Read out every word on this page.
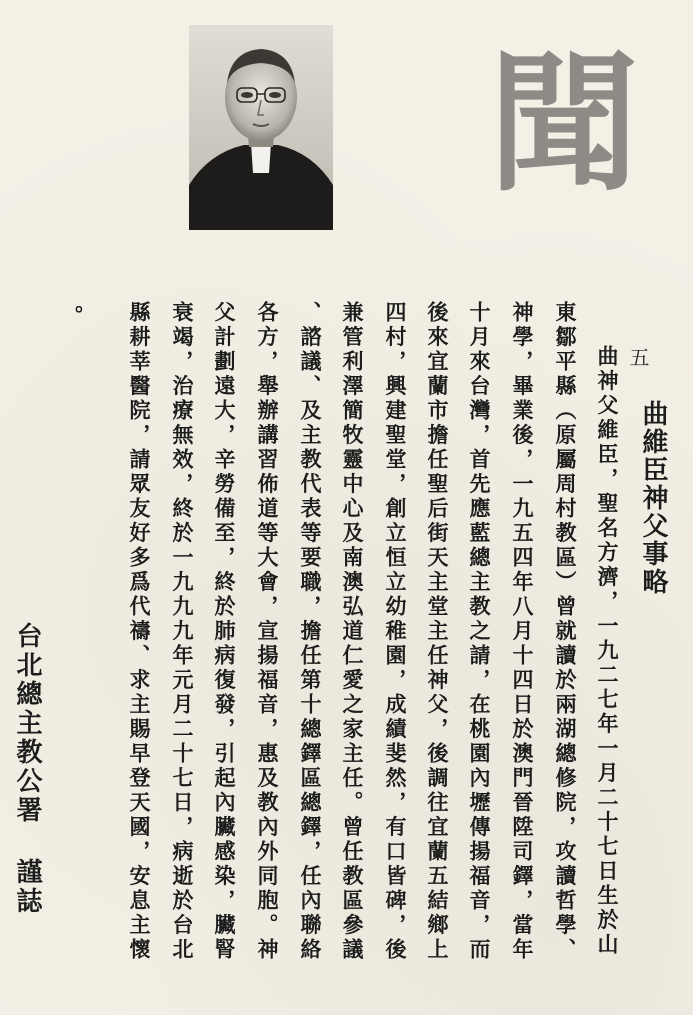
聞
五
曲維臣神父事略
曲神父維臣，聖名方濟，一九二七年一月二十七日生於山
東鄒平縣（原屬周村教區）曾就讀於兩湖總修院，攻讀哲學、
神學，畢業後，一九五四年八月十四日於澳門晉陞司鐸，當年
十月來台灣，首先應藍總主教之請，在桃園內壢傳揚福音，而
後來宜蘭市擔任聖后街天主堂主任神父，後調往宜蘭五結鄉上
四村，興建聖堂，創立恒立幼稚園，成績斐然，有口皆碑，後
兼管利澤簡牧靈中心及南澳弘道仁愛之家主任。曾任教區參議
、諮議、及主教代表等要職，擔任第十總鐸區總鐸，任內聯絡
各方，舉辦講習佈道等大會，宣揚福音，惠及教內外同胞。神
父計劃遠大，辛勞備至，終於肺病復發，引起內臟感染，臟腎
衰竭，治療無效，終於一九九九年元月二十七日，病逝於台北
縣耕莘醫院，請眾友好多爲代禱、求主賜早登天國，安息主懷
。
台北總主教公署
謹誌
